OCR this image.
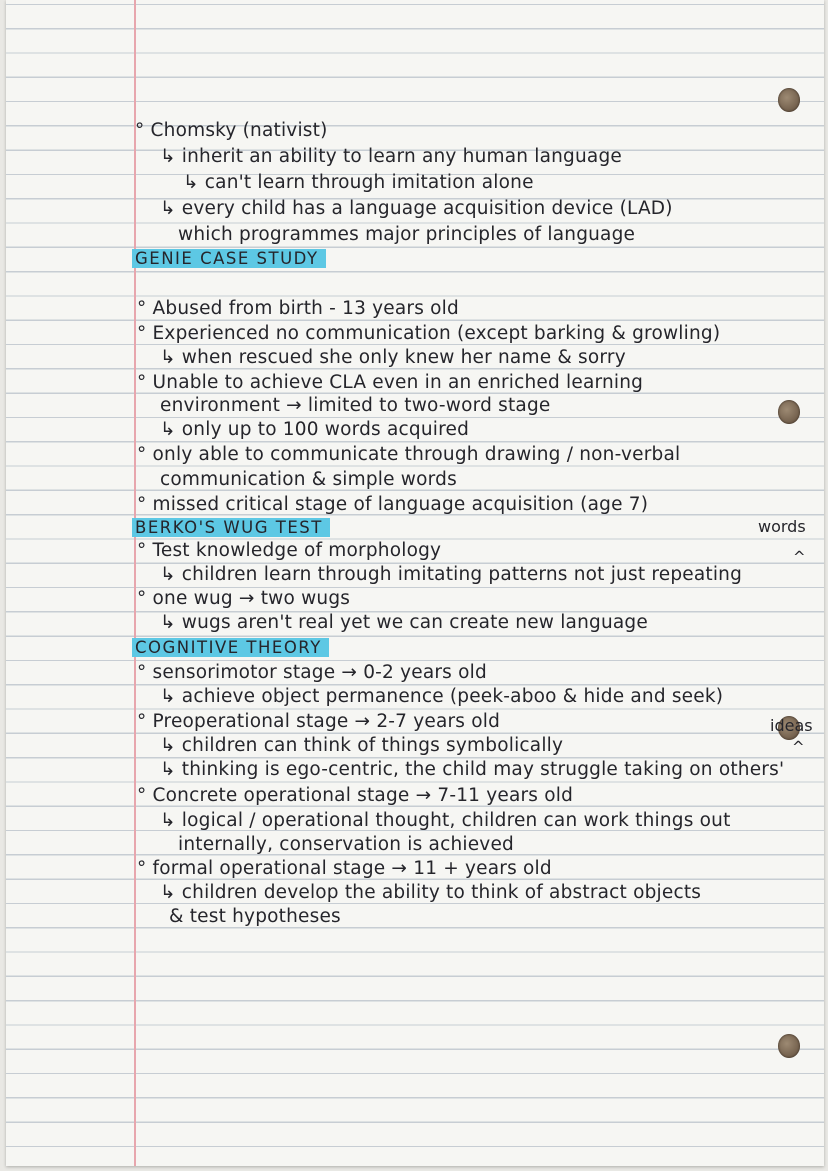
° Chomsky (nativist)
↳ inherit an ability to learn any human language
↳ can't learn through imitation alone
↳ every child has a language acquisition device (LAD)
which programmes major principles of language
GENIE CASE STUDY
° Abused from birth - 13 years old
° Experienced no communication (except barking & growling)
↳ when rescued she only knew her name & sorry
° Unable to achieve CLA even in an enriched learning
environment → limited to two-word stage
↳ only up to 100 words acquired
° only able to communicate through drawing / non-verbal
communication & simple words
° missed critical stage of language acquisition (age 7)
BERKO'S WUG TEST
° Test knowledge of morphology
↳ children learn through imitating patterns not just repeating
° one wug → two wugs
↳ wugs aren't real yet we can create new language
COGNITIVE THEORY
° sensorimotor stage → 0-2 years old
↳ achieve object permanence (peek-aboo & hide and seek)
° Preoperational stage → 2-7 years old
↳ children can think of things symbolically
↳ thinking is ego-centric, the child may struggle taking on others'
° Concrete operational stage → 7-11 years old
↳ logical / operational thought, children can work things out
internally, conservation is achieved
° formal operational stage → 11 + years old
↳ children develop the ability to think of abstract objects
& test hypotheses
words
^
ideas
^
